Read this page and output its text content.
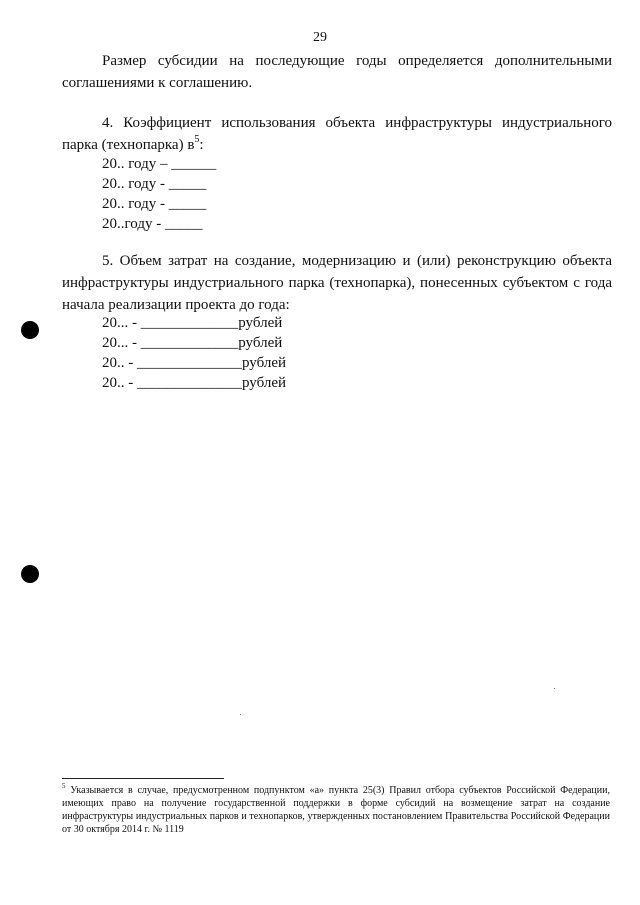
29
Размер субсидии на последующие годы определяется дополнительными соглашениями к соглашению.
4. Коэффициент использования объекта инфраструктуры индустриального парка (технопарка) $в^5$:
20.. году – ______
20.. году - _____
20.. году - _____
20..году - _____
5. Объем затрат на создание, модернизацию и (или) реконструкцию объекта инфраструктуры индустриального парка (технопарка), понесенных субъектом с года начала реализации проекта до года:
20... - _____________рублей
20... - _____________рублей
20.. - ______________рублей
20.. - ______________рублей
$^5$ Указывается в случае, предусмотренном подпунктом «а» пункта 25(3) Правил отбора субъектов Российской Федерации, имеющих право на получение государственной поддержки в форме субсидий на возмещение затрат на создание инфраструктуры индустриальных парков и технопарков, утвержденных постановлением Правительства Российской Федерации от 30 октября 2014 г. № 1119
